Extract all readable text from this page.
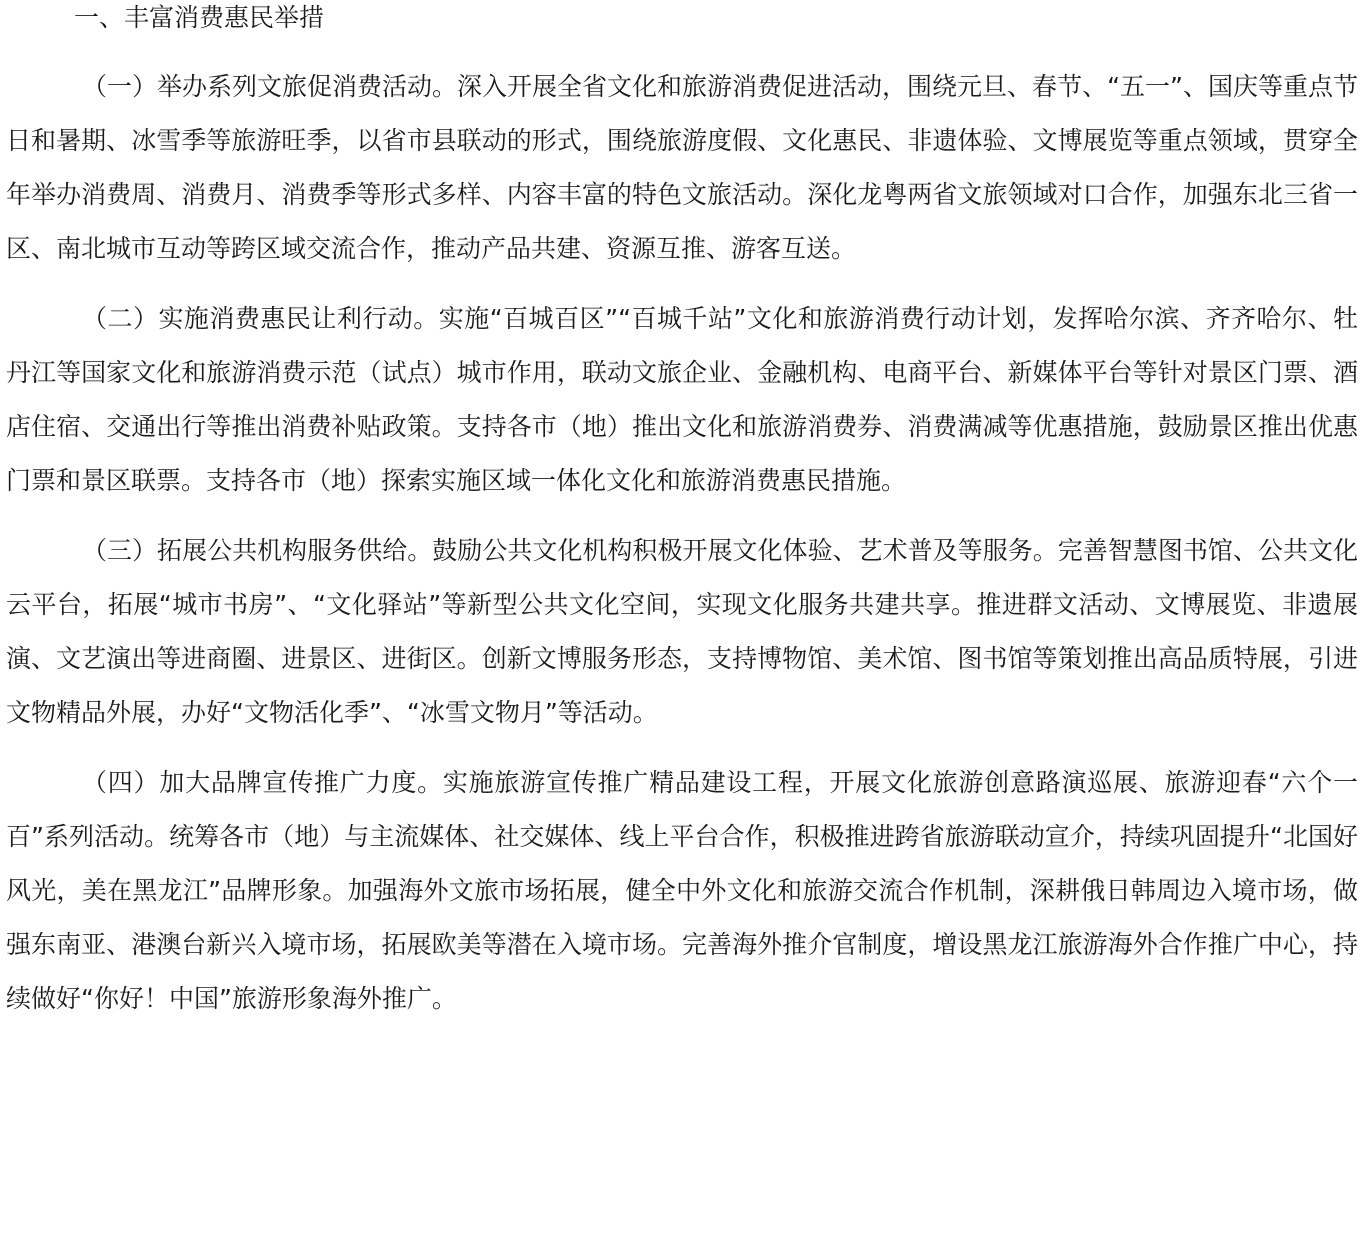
一、丰富消费惠民举措

（一）举办系列文旅促消费活动。深入开展全省文化和旅游消费促进活动，围绕元旦、春节、“五一”、国庆等重点节日和暑期、冰雪季等旅游旺季，以省市县联动的形式，围绕旅游度假、文化惠民、非遗体验、文博展览等重点领域，贯穿全年举办消费周、消费月、消费季等形式多样、内容丰富的特色文旅活动。深化龙粤两省文旅领域对口合作，加强东北三省一区、南北城市互动等跨区域交流合作，推动产品共建、资源互推、游客互送。

（二）实施消费惠民让利行动。实施“百城百区”“百城千站”文化和旅游消费行动计划，发挥哈尔滨、齐齐哈尔、牡丹江等国家文化和旅游消费示范（试点）城市作用，联动文旅企业、金融机构、电商平台、新媒体平台等针对景区门票、酒店住宿、交通出行等推出消费补贴政策。支持各市（地）推出文化和旅游消费券、消费满减等优惠措施，鼓励景区推出优惠门票和景区联票。支持各市（地）探索实施区域一体化文化和旅游消费惠民措施。

（三）拓展公共机构服务供给。鼓励公共文化机构积极开展文化体验、艺术普及等服务。完善智慧图书馆、公共文化云平台，拓展“城市书房”、“文化驿站”等新型公共文化空间，实现文化服务共建共享。推进群文活动、文博展览、非遗展演、文艺演出等进商圈、进景区、进街区。创新文博服务形态，支持博物馆、美术馆、图书馆等策划推出高品质特展，引进文物精品外展，办好“文物活化季”、“冰雪文物月”等活动。

（四）加大品牌宣传推广力度。实施旅游宣传推广精品建设工程，开展文化旅游创意路演巡展、旅游迎春“六个一百”系列活动。统筹各市（地）与主流媒体、社交媒体、线上平台合作，积极推进跨省旅游联动宣介，持续巩固提升“北国好风光，美在黑龙江”品牌形象。加强海外文旅市场拓展，健全中外文化和旅游交流合作机制，深耕俄日韩周边入境市场，做强东南亚、港澳台新兴入境市场，拓展欧美等潜在入境市场。完善海外推介官制度，增设黑龙江旅游海外合作推广中心，持续做好“你好！中国”旅游形象海外推广。
